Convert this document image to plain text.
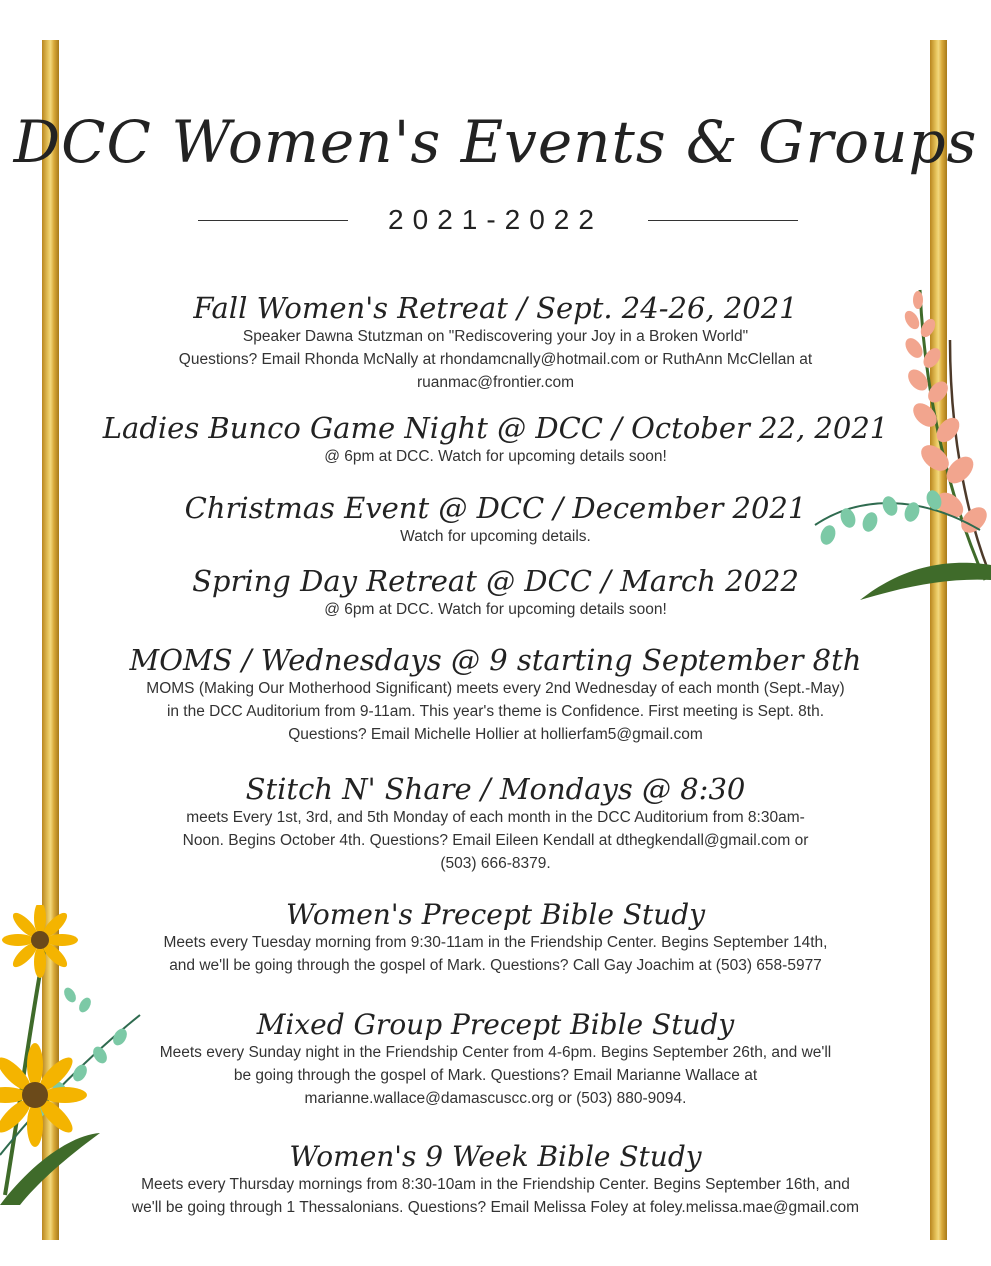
DCC Women's Events & Groups
2021-2022
Fall Women's Retreat / Sept. 24-26, 2021
Speaker Dawna Stutzman on "Rediscovering your Joy in a Broken World"
Questions? Email Rhonda McNally at rhondamcnally@hotmail.com or RuthAnn McClellan at
ruanmac@frontier.com
Ladies Bunco Game Night @ DCC / October 22, 2021
@ 6pm at DCC. Watch for upcoming details soon!
Christmas Event @ DCC / December 2021
Watch for upcoming details.
Spring Day Retreat @ DCC / March 2022
@ 6pm at DCC. Watch for upcoming details soon!
MOMS / Wednesdays @ 9 starting September 8th
MOMS (Making Our Motherhood Significant) meets every 2nd Wednesday of each month (Sept.-May)
in the DCC Auditorium from 9-11am. This year's theme is Confidence. First meeting is Sept. 8th.
Questions? Email Michelle Hollier at hollierfam5@gmail.com
Stitch N' Share / Mondays @ 8:30
meets Every 1st, 3rd, and 5th Monday of each month in the DCC Auditorium from 8:30am-
Noon. Begins October 4th. Questions? Email Eileen Kendall at dthegkendall@gmail.com or
(503) 666-8379.
Women's Precept Bible Study
Meets every Tuesday morning from 9:30-11am in the Friendship Center. Begins September 14th,
and we'll be going through the gospel of Mark. Questions? Call Gay Joachim at (503) 658-5977
Mixed Group Precept Bible Study
Meets every Sunday night in the Friendship Center from 4-6pm. Begins September 26th, and we'll
be going through the gospel of Mark. Questions? Email Marianne Wallace at
marianne.wallace@damascuscc.org or (503) 880-9094.
Women's 9 Week Bible Study
Meets every Thursday mornings from 8:30-10am in the Friendship Center. Begins September 16th, and
we'll be going through 1 Thessalonians. Questions? Email Melissa Foley at foley.melissa.mae@gmail.com
